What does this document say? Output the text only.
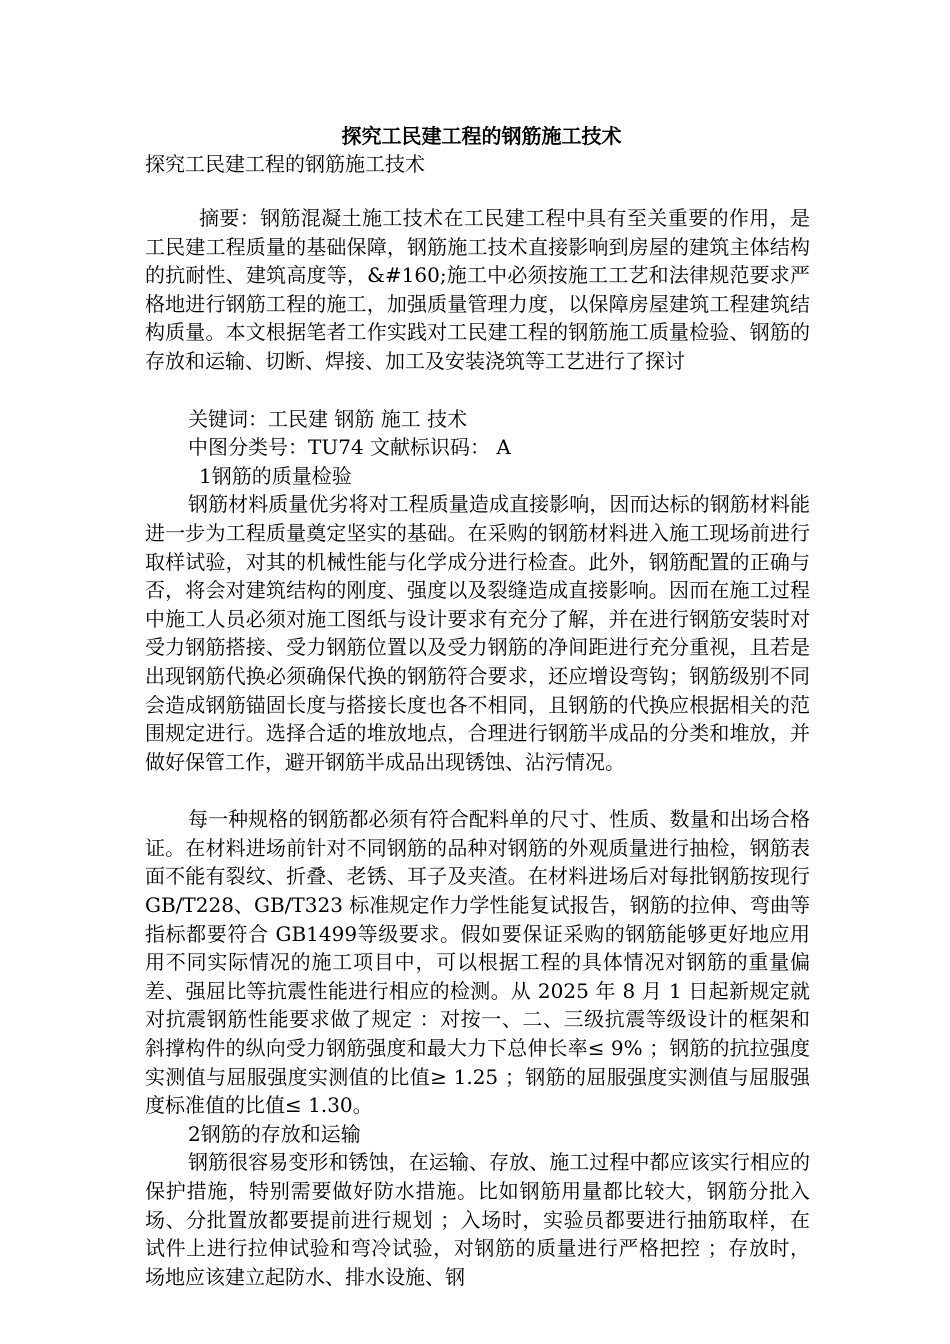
探究工民建工程的钢筋施工技术
探究工民建工程的钢筋施工技术

摘要：钢筋混凝土施工技术在工民建工程中具有至关重要的作用，是工民建工程质量的基础保障，钢筋施工技术直接影响到房屋的建筑主体结构的抗耐性、建筑高度等，&#160;施工中必须按施工工艺和法律规范要求严格地进行钢筋工程的施工，加强质量管理力度，以保障房屋建筑工程建筑结构质量。本文根据笔者工作实践对工民建工程的钢筋施工质量检验、钢筋的存放和运输、切断、焊接、加工及安装浇筑等工艺进行了探讨

关键词：工民建 钢筋 施工 技术

中图分类号：TU74 文献标识码： A

1钢筋的质量检验

钢筋材料质量优劣将对工程质量造成直接影响，因而达标的钢筋材料能进一步为工程质量奠定坚实的基础。在采购的钢筋材料进入施工现场前进行取样试验，对其的机械性能与化学成分进行检查。此外，钢筋配置的正确与否，将会对建筑结构的刚度、强度以及裂缝造成直接影响。因而在施工过程中施工人员必须对施工图纸与设计要求有充分了解，并在进行钢筋安装时对受力钢筋搭接、受力钢筋位置以及受力钢筋的净间距进行充分重视，且若是出现钢筋代换必须确保代换的钢筋符合要求，还应增设弯钩；钢筋级别不同会造成钢筋锚固长度与搭接长度也各不相同，且钢筋的代换应根据相关的范围规定进行。选择合适的堆放地点，合理进行钢筋半成品的分类和堆放，并做好保管工作，避开钢筋半成品出现锈蚀、沾污情况。

每一种规格的钢筋都必须有符合配料单的尺寸、性质、数量和出场合格证。在材料进场前针对不同钢筋的品种对钢筋的外观质量进行抽检，钢筋表面不能有裂纹、折叠、老锈、耳子及夹渣。在材料进场后对每批钢筋按现行 GB/T228、GB/T323 标准规定作力学性能复试报告，钢筋的拉伸、弯曲等指标都要符合 GB1499等级要求。假如要保证采购的钢筋能够更好地应用用不同实际情况的施工项目中，可以根据工程的具体情况对钢筋的重量偏差、强屈比等抗震性能进行相应的检测。从 2025 年 8 月 1 日起新规定就对抗震钢筋性能要求做了规定 ：对按一、二、三级抗震等级设计的框架和斜撑构件的纵向受力钢筋强度和最大力下总伸长率≤ 9% ；钢筋的抗拉强度实测值与屈服强度实测值的比值≥ 1.25 ；钢筋的屈服强度实测值与屈服强度标准值的比值≤ 1.30。

2钢筋的存放和运输

钢筋很容易变形和锈蚀，在运输、存放、施工过程中都应该实行相应的保护措施，特别需要做好防水措施。比如钢筋用量都比较大，钢筋分批入场、分批置放都要提前进行规划 ；入场时，实验员都要进行抽筋取样，在试件上进行拉伸试验和弯冷试验，对钢筋的质量进行严格把控 ；存放时，场地应该建立起防水、排水设施、钢
